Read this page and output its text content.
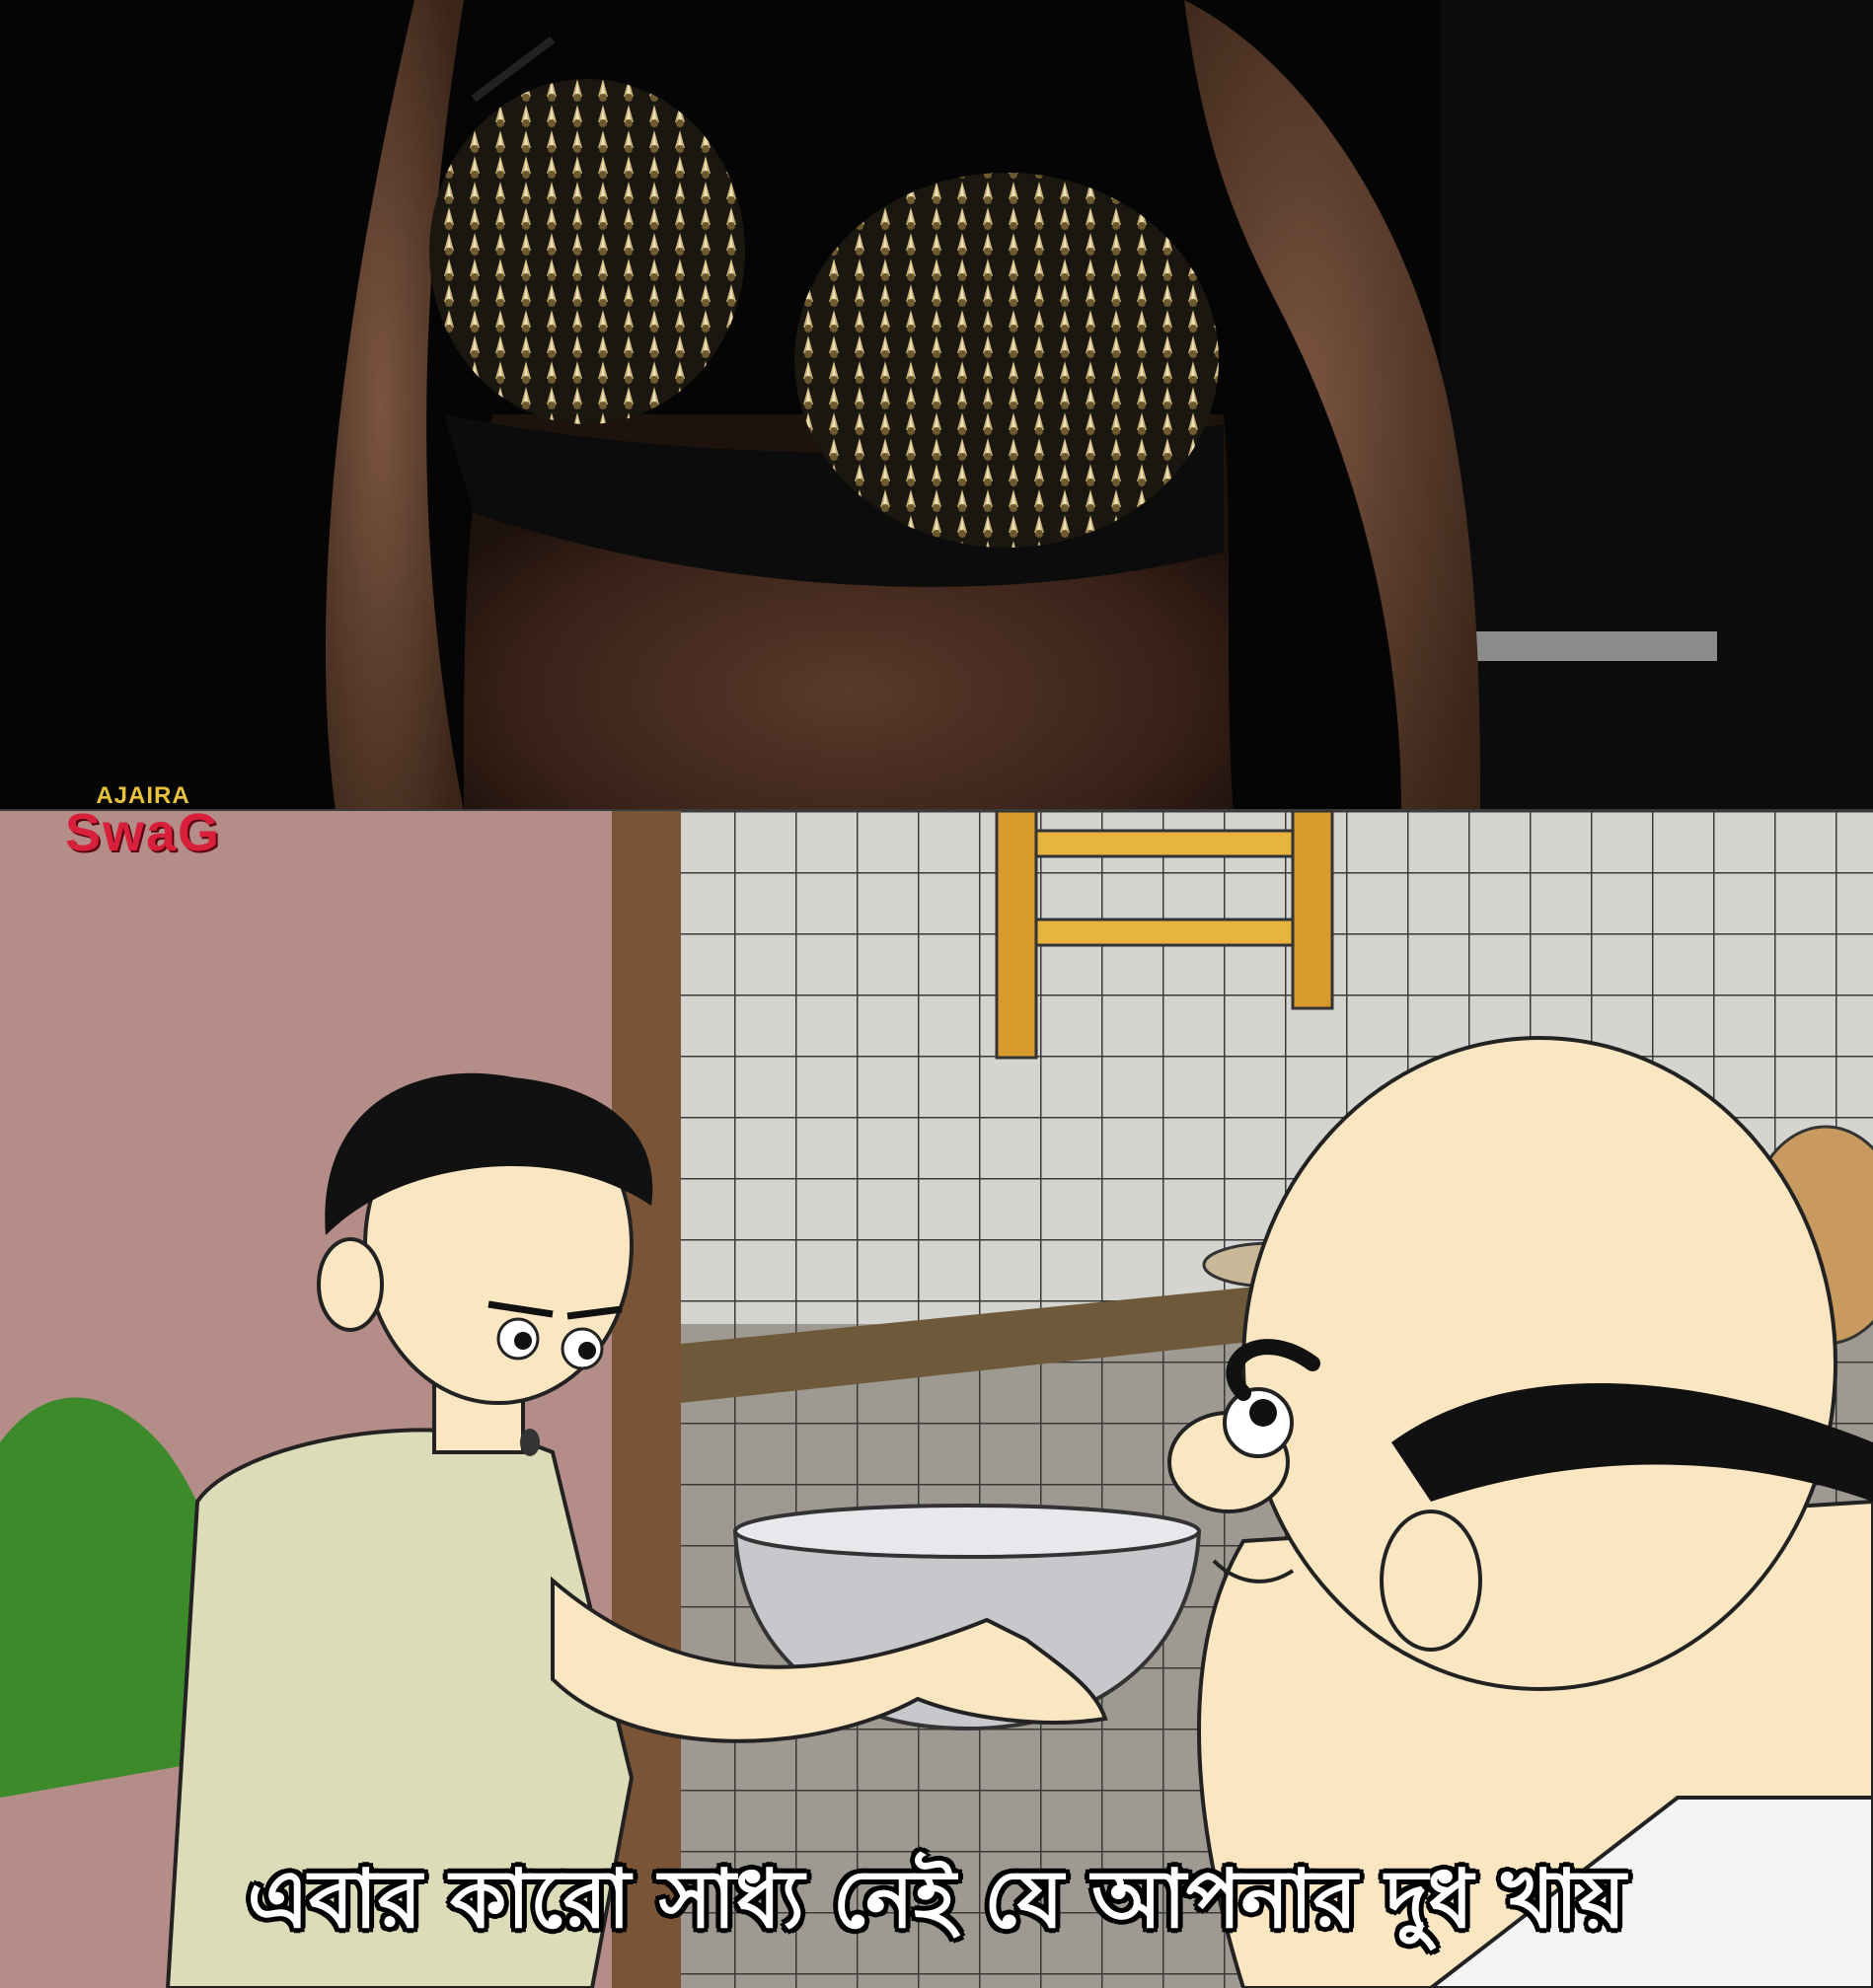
AJAIRA
SwaG
এবার কারো সাধ্য নেই যে আপনার দুধ খায়
